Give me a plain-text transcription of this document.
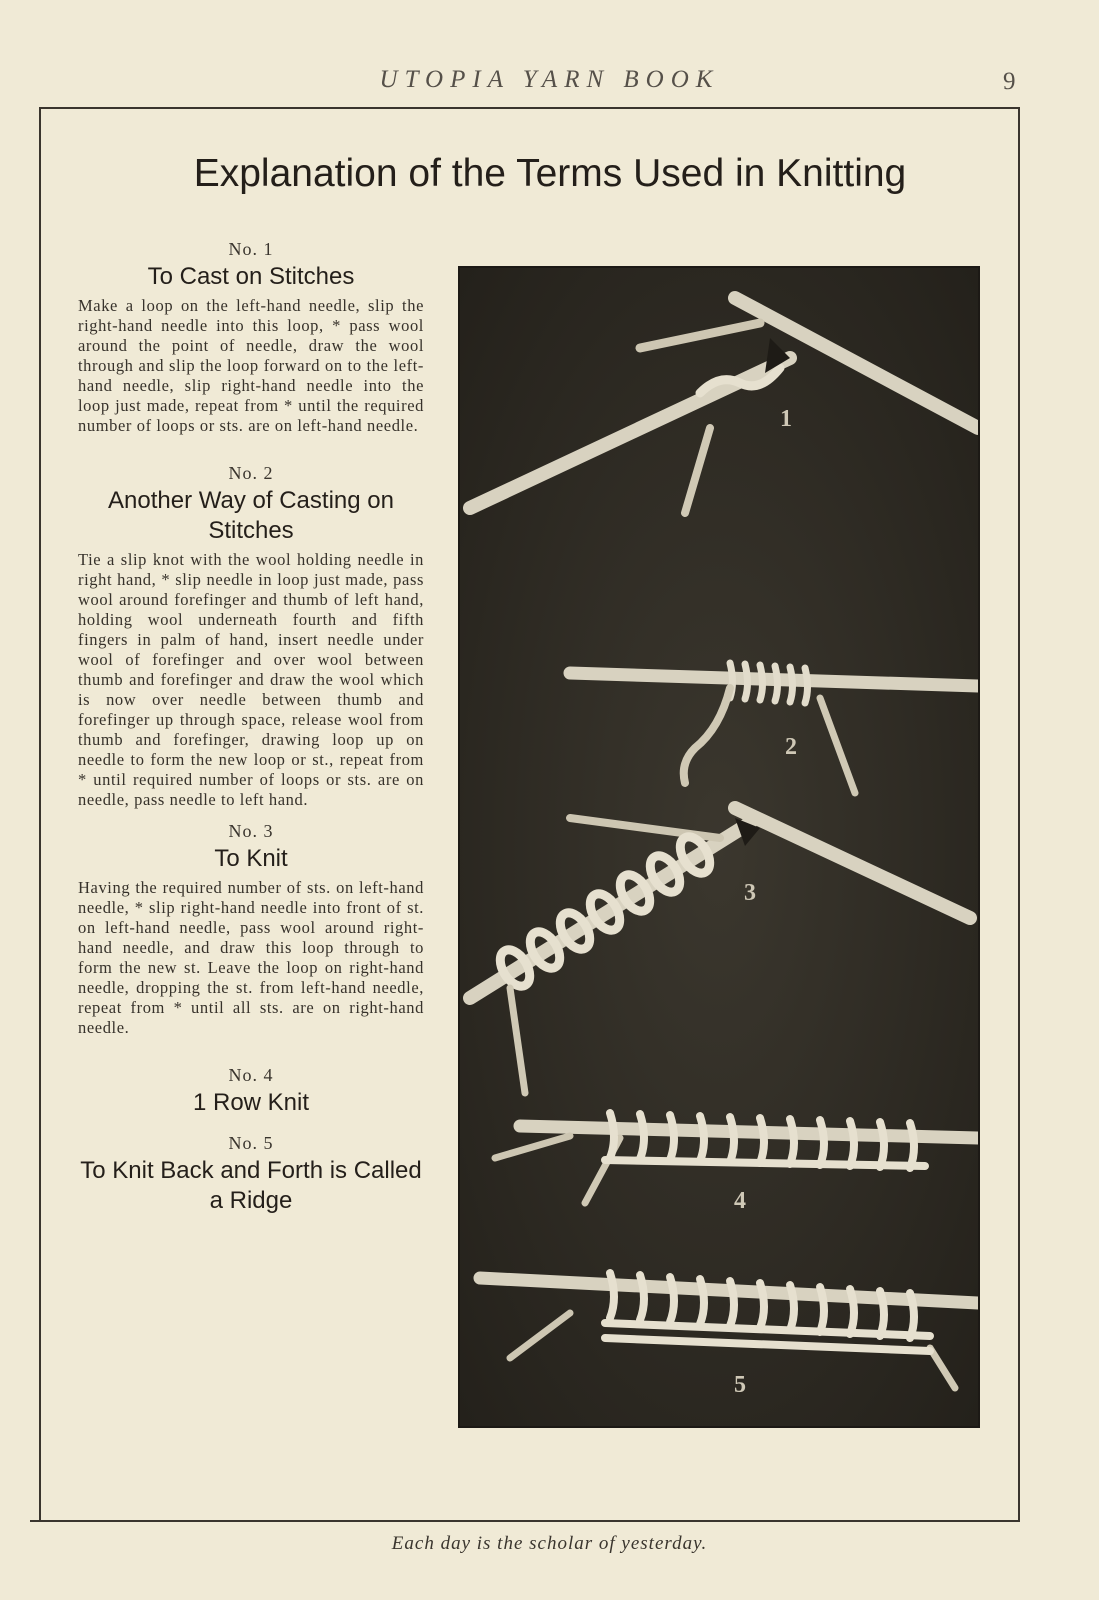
UTOPIA YARN BOOK	9
Explanation of the Terms Used in Knitting

No. 1

To Cast on Stitches

Make a loop on the left-hand needle, slip the right-hand needle into this loop, * pass wool around the point of needle, draw the wool through and slip the loop forward on to the left-hand needle, slip right-hand needle into the loop just made, repeat from * until the required number of loops or sts. are on left-hand needle.

No. 2

Another Way of Casting on Stitches

Tie a slip knot with the wool holding needle in right hand, * slip needle in loop just made, pass wool around forefinger and thumb of left hand, holding wool underneath fourth and fifth fingers in palm of hand, insert needle under wool of forefinger and over wool between thumb and forefinger and draw the wool which is now over needle between thumb and forefinger up through space, release wool from thumb and forefinger, drawing loop up on needle to form the new loop or st., repeat from * until required number of loops or sts. are on needle, pass needle to left hand.

No. 3

To Knit

Having the required number of sts. on left-hand needle, * slip right-hand needle into front of st. on left-hand needle, pass wool around right-hand needle, and draw this loop through to form the new st. Leave the loop on right-hand needle, dropping the st. from left-hand needle, repeat from * until all sts. are on right-hand needle.

No. 4

1 Row Knit

No. 5

To Knit Back and Forth is Called a Ridge
1
2
3
4
5
Each day is the scholar of yesterday.
